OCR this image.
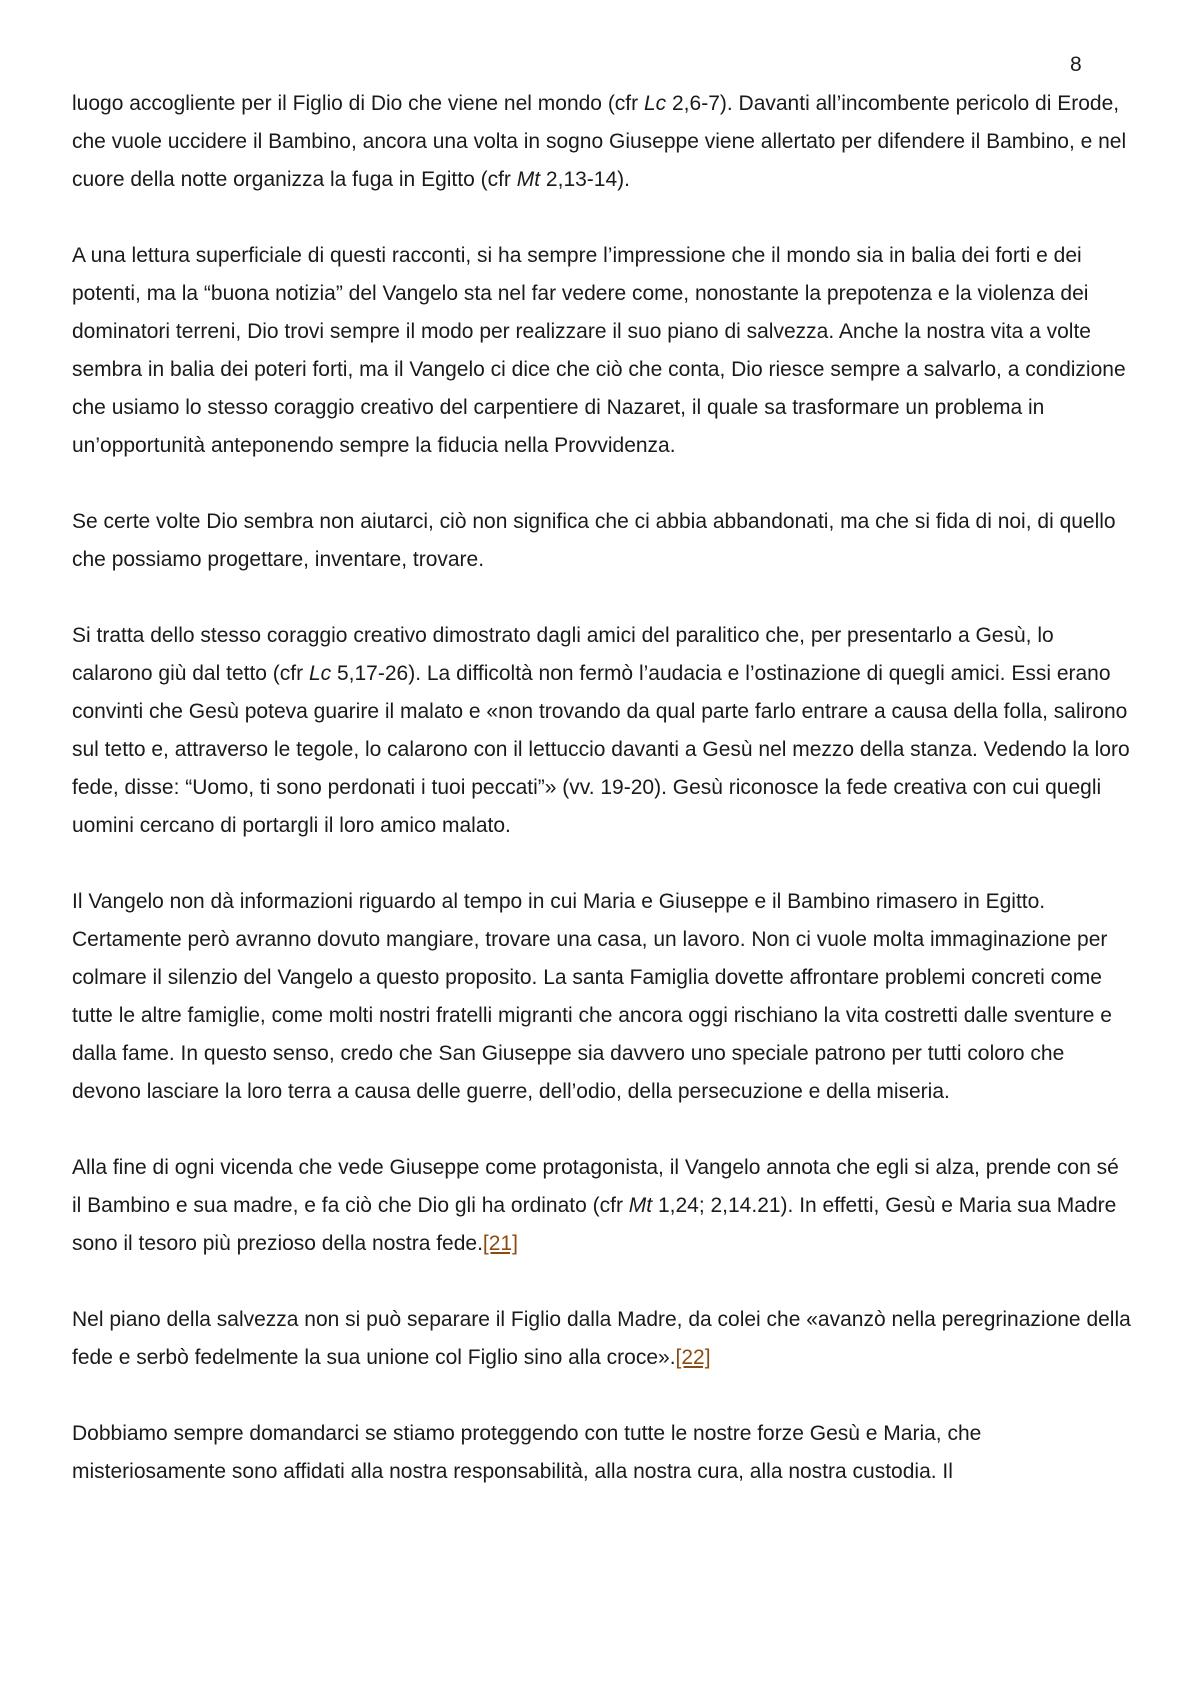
8

luogo accogliente per il Figlio di Dio che viene nel mondo (cfr Lc 2,6-7). Davanti all’incombente pericolo di Erode, che vuole uccidere il Bambino, ancora una volta in sogno Giuseppe viene allertato per difendere il Bambino, e nel cuore della notte organizza la fuga in Egitto (cfr Mt 2,13-14).

A una lettura superficiale di questi racconti, si ha sempre l’impressione che il mondo sia in balia dei forti e dei potenti, ma la “buona notizia” del Vangelo sta nel far vedere come, nonostante la prepotenza e la violenza dei dominatori terreni, Dio trovi sempre il modo per realizzare il suo piano di salvezza. Anche la nostra vita a volte sembra in balia dei poteri forti, ma il Vangelo ci dice che ciò che conta, Dio riesce sempre a salvarlo, a condizione che usiamo lo stesso coraggio creativo del carpentiere di Nazaret, il quale sa trasformare un problema in un’opportunità anteponendo sempre la fiducia nella Provvidenza.

Se certe volte Dio sembra non aiutarci, ciò non significa che ci abbia abbandonati, ma che si fida di noi, di quello che possiamo progettare, inventare, trovare.

Si tratta dello stesso coraggio creativo dimostrato dagli amici del paralitico che, per presentarlo a Gesù, lo calarono giù dal tetto (cfr Lc 5,17-26). La difficoltà non fermò l’audacia e l’ostinazione di quegli amici. Essi erano convinti che Gesù poteva guarire il malato e «non trovando da qual parte farlo entrare a causa della folla, salirono sul tetto e, attraverso le tegole, lo calarono con il lettuccio davanti a Gesù nel mezzo della stanza. Vedendo la loro fede, disse: “Uomo, ti sono perdonati i tuoi peccati”» (vv. 19-20). Gesù riconosce la fede creativa con cui quegli uomini cercano di portargli il loro amico malato.

Il Vangelo non dà informazioni riguardo al tempo in cui Maria e Giuseppe e il Bambino rimasero in Egitto. Certamente però avranno dovuto mangiare, trovare una casa, un lavoro. Non ci vuole molta immaginazione per colmare il silenzio del Vangelo a questo proposito. La santa Famiglia dovette affrontare problemi concreti come tutte le altre famiglie, come molti nostri fratelli migranti che ancora oggi rischiano la vita costretti dalle sventure e dalla fame. In questo senso, credo che San Giuseppe sia davvero uno speciale patrono per tutti coloro che devono lasciare la loro terra a causa delle guerre, dell’odio, della persecuzione e della miseria.

Alla fine di ogni vicenda che vede Giuseppe come protagonista, il Vangelo annota che egli si alza, prende con sé il Bambino e sua madre, e fa ciò che Dio gli ha ordinato (cfr Mt 1,24; 2,14.21). In effetti, Gesù e Maria sua Madre sono il tesoro più prezioso della nostra fede.[21]

Nel piano della salvezza non si può separare il Figlio dalla Madre, da colei che «avanzò nella peregrinazione della fede e serbò fedelmente la sua unione col Figlio sino alla croce».[22]

Dobbiamo sempre domandarci se stiamo proteggendo con tutte le nostre forze Gesù e Maria, che misteriosamente sono affidati alla nostra responsabilità, alla nostra cura, alla nostra custodia. Il
